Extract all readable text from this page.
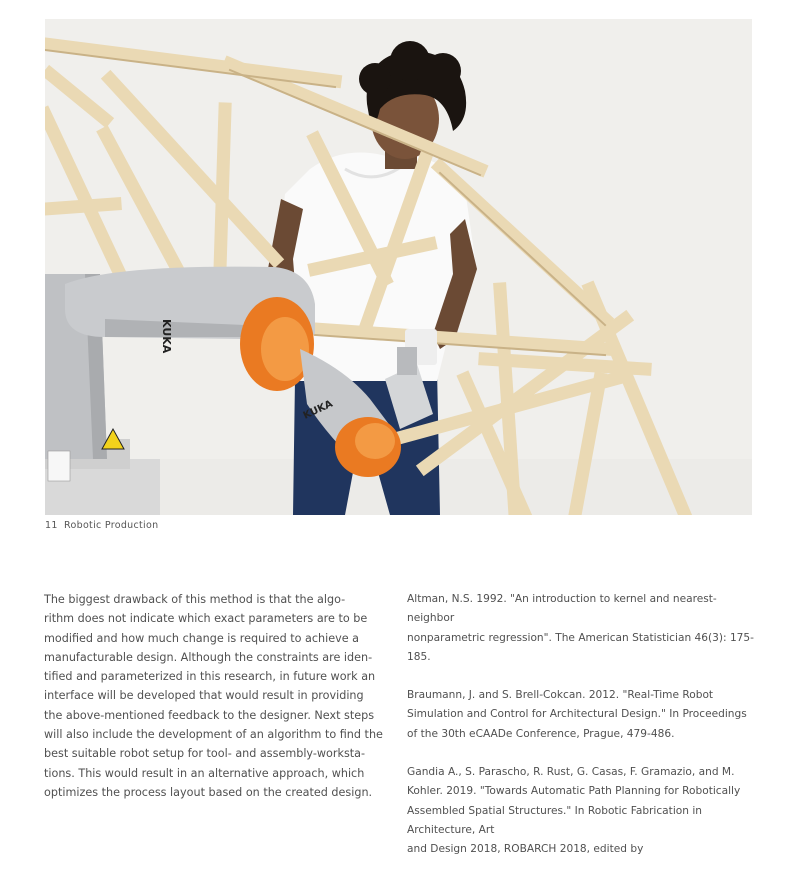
KUKA
KUKA
11 Robotic Production
The biggest drawback of this method is that the algo-
rithm does not indicate which exact parameters are to be
modified and how much change is required to achieve a
manufacturable design. Although the constraints are iden-
tified and parameterized in this research, in future work an
interface will be developed that would result in providing
the above-mentioned feedback to the designer. Next steps
will also include the development of an algorithm to find the
best suitable robot setup for tool- and assembly-worksta-
tions. This would result in an alternative approach, which
optimizes the process layout based on the created design.

Altman, N.S. 1992. "An introduction to kernel and nearest-neighbor

nonparametric regression". The American Statistician 46(3): 175-185.

Braumann, J. and S. Brell-Cokcan. 2012. "Real-Time Robot

Simulation and Control for Architectural Design." In Proceedings

of the 30th eCAADe Conference, Prague, 479-486.

Gandia A., S. Parascho, R. Rust, G. Casas, F. Gramazio, and M.

Kohler. 2019. "Towards Automatic Path Planning for Robotically

Assembled Spatial Structures." In Robotic Fabrication in Architecture, Art

and Design 2018, ROBARCH 2018, edited by
